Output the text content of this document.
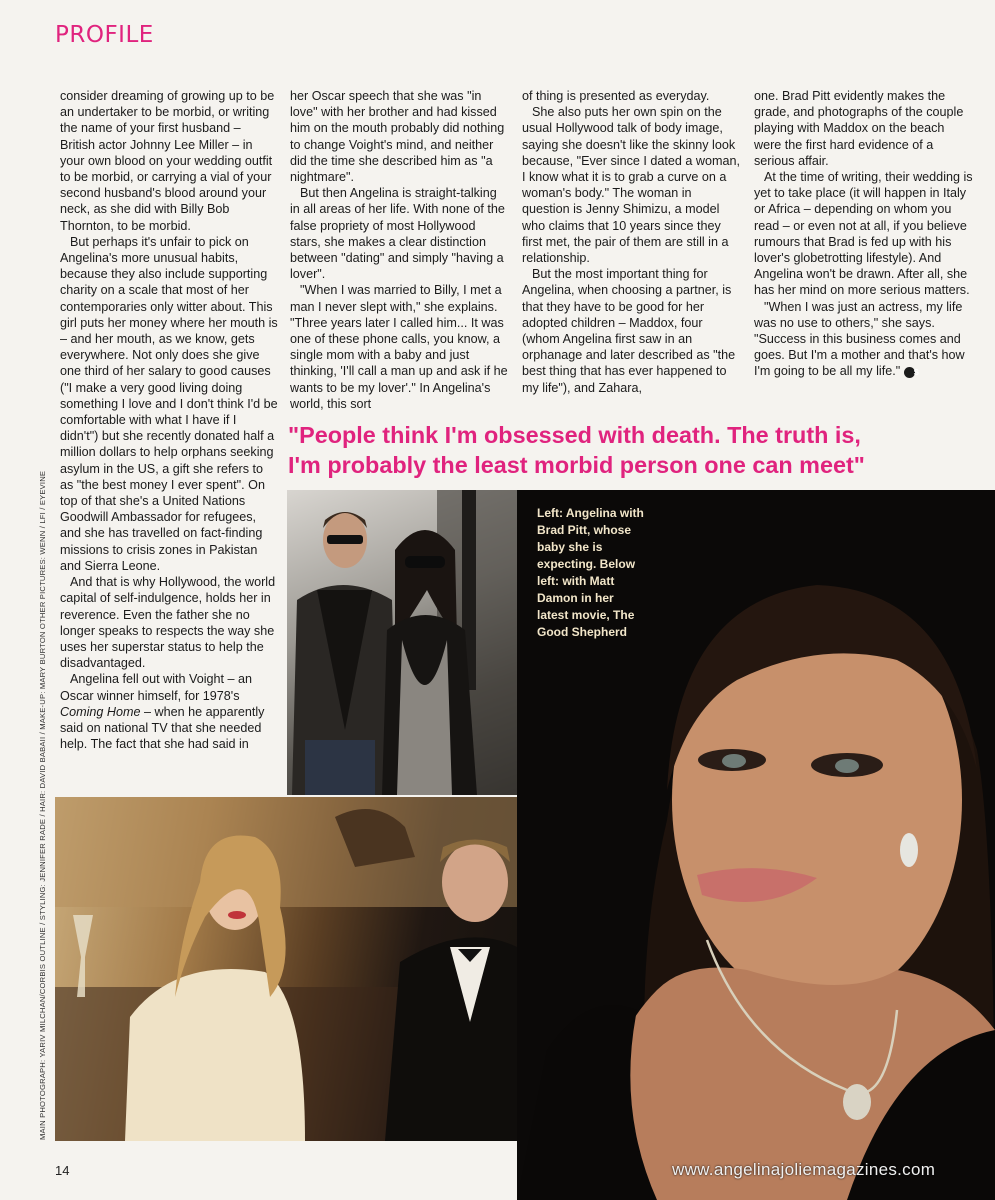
PROFILE
MAIN PHOTOGRAPH: YARIV MILCHAN/CORBIS OUTLINE / STYLING: JENNIFER RADE / HAIR: DAVID BABAII / MAKE-UP: MARY BURTON OTHER PICTURES: WENN / LFI / EYEVINE

consider dreaming of growing up to be an undertaker to be morbid, or writing the name of your first husband – British actor Johnny Lee Miller – in your own blood on your wedding outfit to be morbid, or carrying a vial of your second husband's blood around your neck, as she did with Billy Bob Thornton, to be morbid.

But perhaps it's unfair to pick on Angelina's more unusual habits, because they also include supporting charity on a scale that most of her contemporaries only witter about. This girl puts her money where her mouth is – and her mouth, as we know, gets everywhere. Not only does she give one third of her salary to good causes ("I make a very good living doing something I love and I don't think I'd be comfortable with what I have if I didn't") but she recently donated half a million dollars to help orphans seeking asylum in the US, a gift she refers to as "the best money I ever spent". On top of that she's a United Nations Goodwill Ambassador for refugees, and she has travelled on fact-finding missions to crisis zones in Pakistan and Sierra Leone.

And that is why Hollywood, the world capital of self-indulgence, holds her in reverence. Even the father she no longer speaks to respects the way she uses her superstar status to help the disadvantaged.

Angelina fell out with Voight – an Oscar winner himself, for 1978's Coming Home – when he apparently said on national TV that she needed help. The fact that she had said in

her Oscar speech that she was "in love" with her brother and had kissed him on the mouth probably did nothing to change Voight's mind, and neither did the time she described him as "a nightmare".

But then Angelina is straight-talking in all areas of her life. With none of the false propriety of most Hollywood stars, she makes a clear distinction between "dating" and simply "having a lover".

"When I was married to Billy, I met a man I never slept with," she explains. "Three years later I called him... It was one of these phone calls, you know, a single mom with a baby and just thinking, 'I'll call a man up and ask if he wants to be my lover'." In Angelina's world, this sort

of thing is presented as everyday.

She also puts her own spin on the usual Hollywood talk of body image, saying she doesn't like the skinny look because, "Ever since I dated a woman, I know what it is to grab a curve on a woman's body." The woman in question is Jenny Shimizu, a model who claims that 10 years since they first met, the pair of them are still in a relationship.

But the most important thing for Angelina, when choosing a partner, is that they have to be good for her adopted children – Maddox, four (whom Angelina first saw in an orphanage and later described as "the best thing that has ever happened to my life"), and Zahara,

one. Brad Pitt evidently makes the grade, and photographs of the couple playing with Maddox on the beach were the first hard evidence of a serious affair.

At the time of writing, their wedding is yet to take place (it will happen in Italy or Africa – depending on whom you read – or even not at all, if you believe rumours that Brad is fed up with his lover's globetrotting lifestyle). And Angelina won't be drawn. After all, she has her mind on more serious matters.

"When I was just an actress, my life was no use to others," she says. "Success in this business comes and goes. But I'm a mother and that's how I'm going to be all my life." S

"People think I'm obsessed with death. The truth is,
I'm probably the least morbid person one can meet"
Left: Angelina with Brad Pitt, whose baby she is expecting. Below left: with Matt Damon in her latest movie, The Good Shepherd
14	www.angelinajoliemagazines.com
